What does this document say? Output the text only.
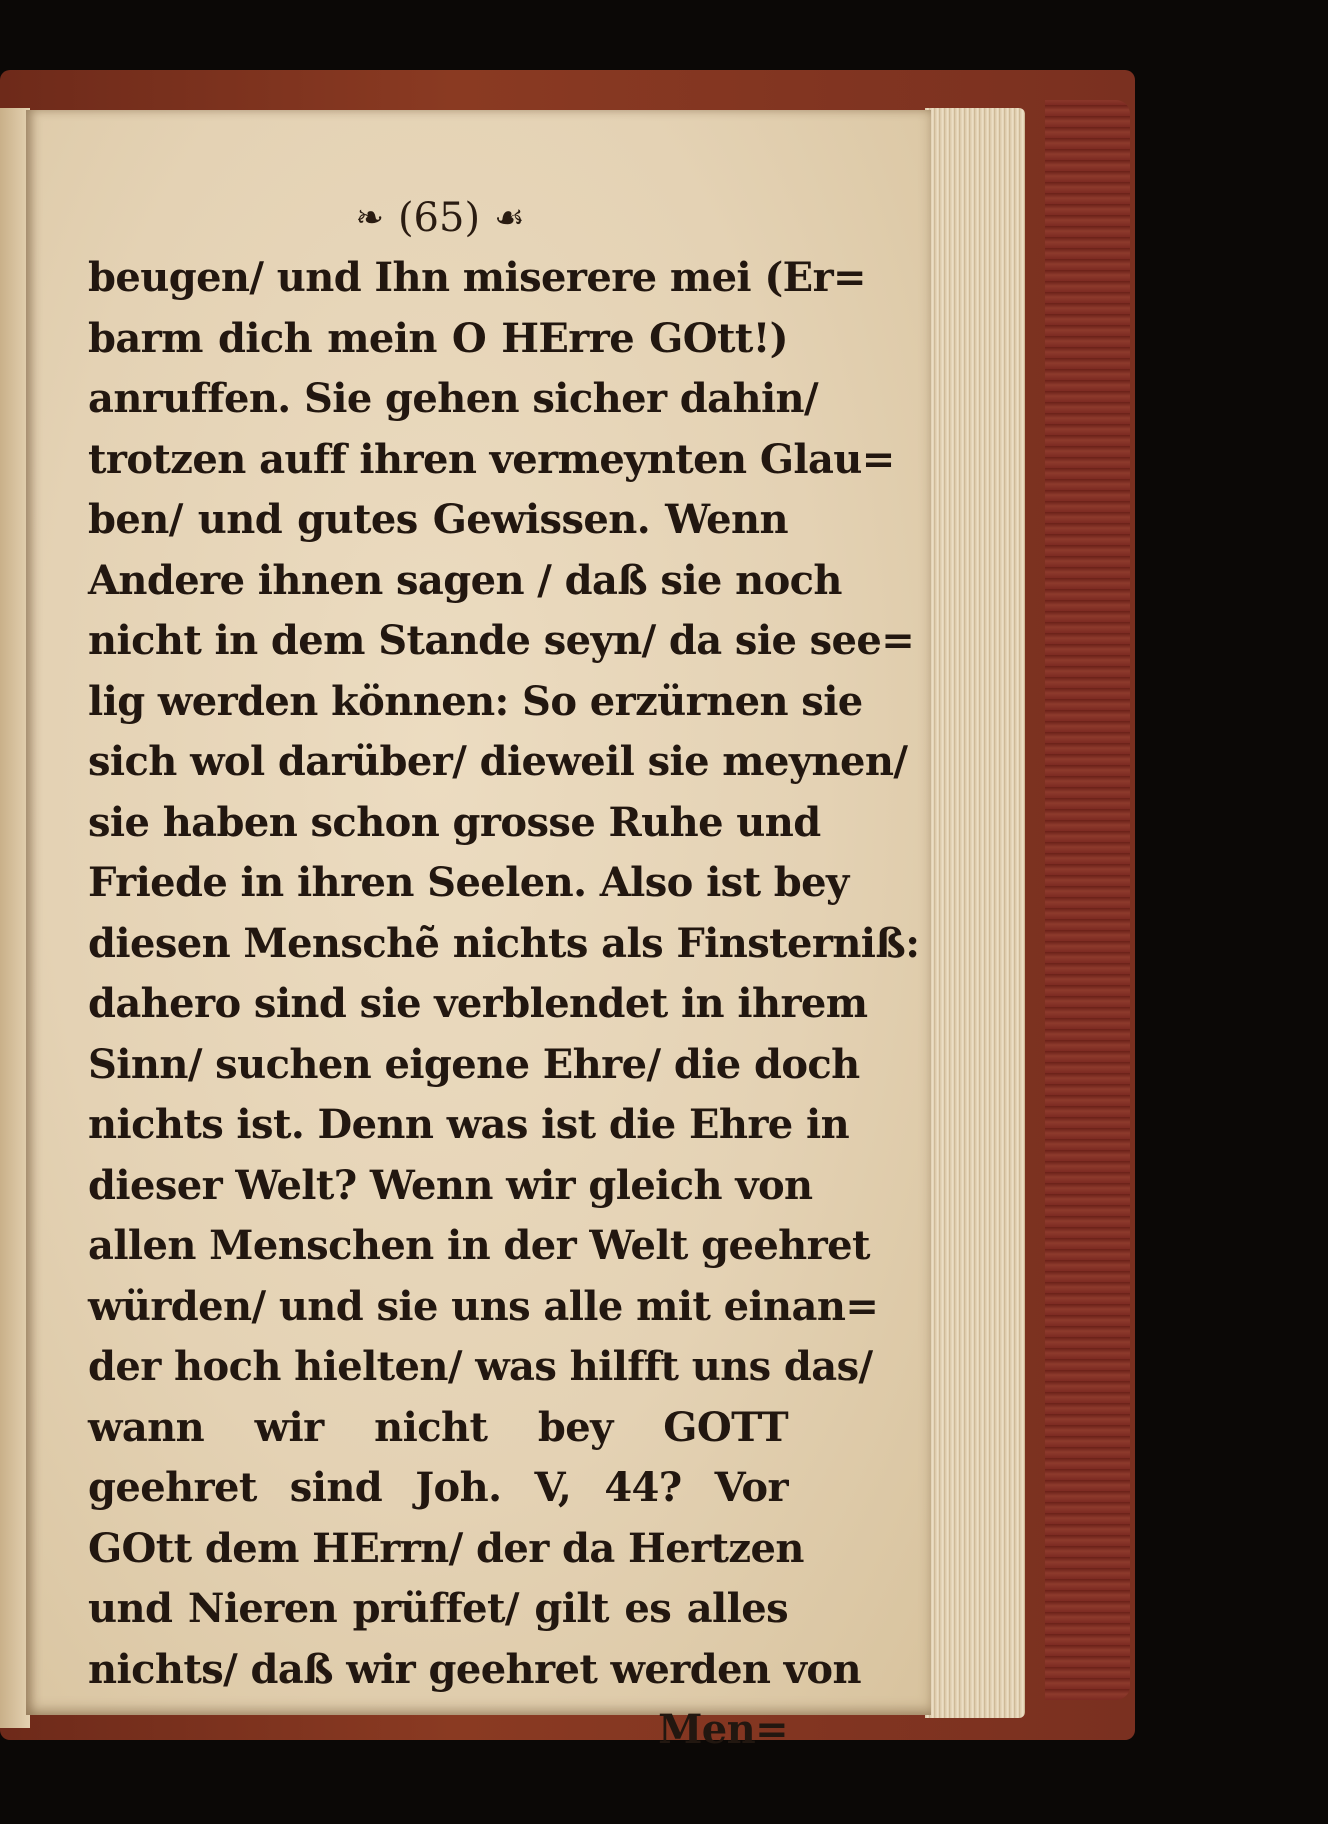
❧ (65) ☙
beugen/ und Ihn miserere mei (Er=
barm dich mein O HErre GOtt!)
anruffen. Sie gehen sicher dahin/
trotzen auff ihren vermeynten Glau=
ben/ und gutes Gewissen. Wenn
Andere ihnen sagen / daß sie noch
nicht in dem Stande seyn/ da sie see=
lig werden können: So erzürnen sie
sich wol darüber/ dieweil sie meynen/
sie haben schon grosse Ruhe und
Friede in ihren Seelen. Also ist bey
diesen Menschẽ nichts als Finsterniß:
dahero sind sie verblendet in ihrem
Sinn/ suchen eigene Ehre/ die doch
nichts ist. Denn was ist die Ehre in
dieser Welt? Wenn wir gleich von
allen Menschen in der Welt geehret
würden/ und sie uns alle mit einan=
der hoch hielten/ was hilfft uns das/
wann wir nicht bey GOTT
geehret sind Joh. V, 44? Vor
GOtt dem HErrn/ der da Hertzen
und Nieren prüffet/ gilt es alles
nichts/ daß wir geehret werden von
Men=
